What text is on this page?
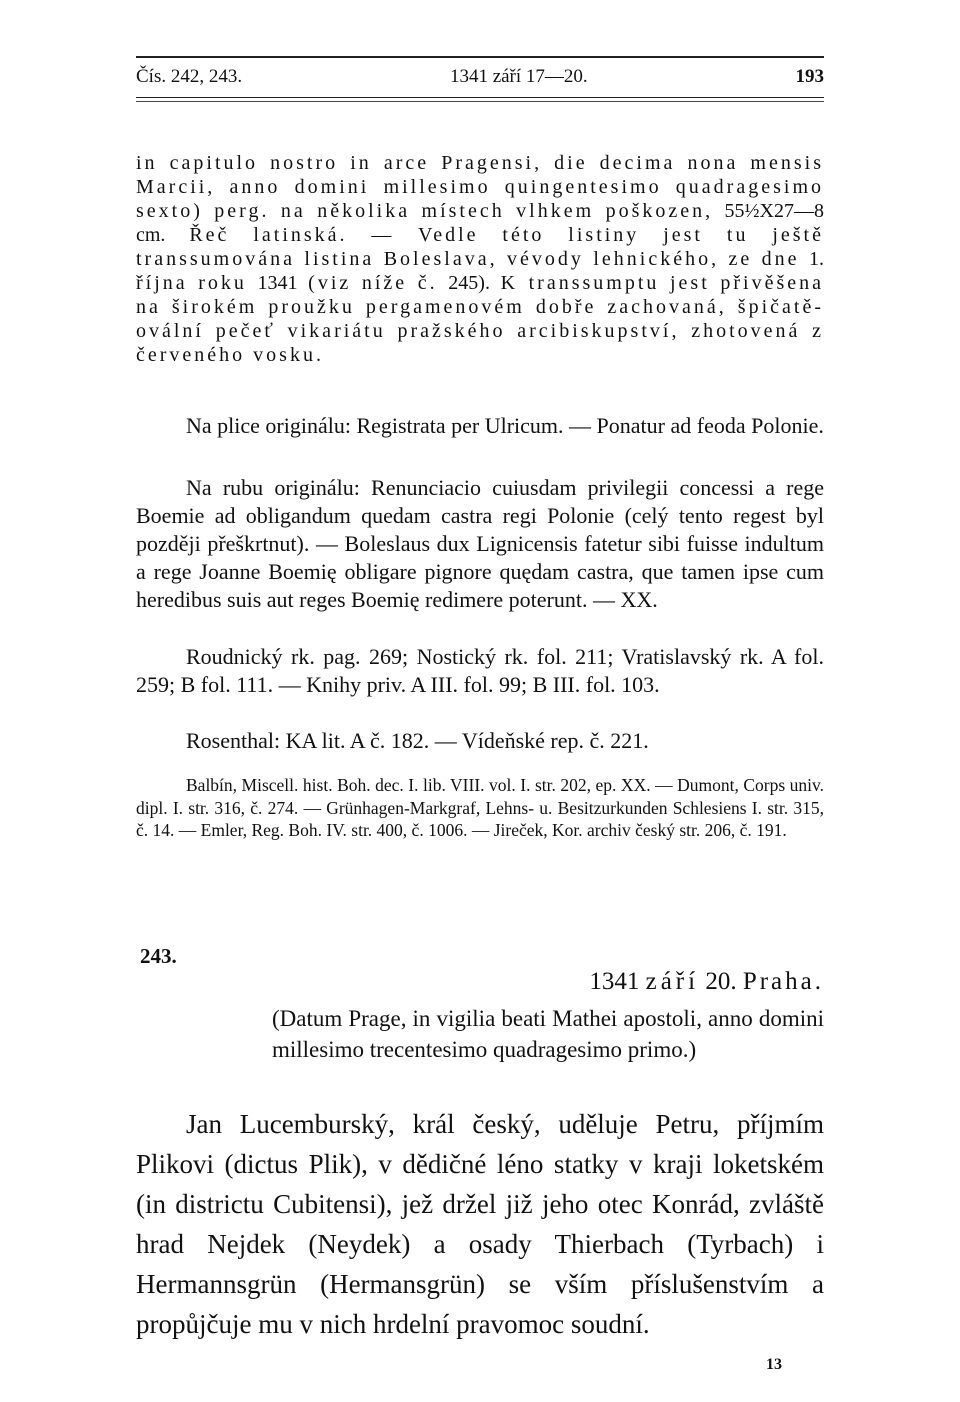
Čís. 242, 243.	1341 září 17—20.	193

in capitulo nostro in arce Pragensi, die decima nona mensis Marcii, anno domini millesimo quingentesimo quadragesimo sexto) perg. na několika místech vlhkem poškozen, 55½X27—8 cm. Řeč latinská. — Vedle této listiny jest tu ještě transsumována listina Boleslava, vévody lehnického, ze dne 1. října roku 1341 (viz níže č. 245). K transsumptu jest přivěšena na širokém proužku pergamenovém dobře zachovaná, špičatě-ovální pečeť vikariátu pražského arcibiskupství, zhotovená z červeného vosku.

Na plice originálu: Registrata per Ulricum. — Ponatur ad feoda Polonie.

Na rubu originálu: Renunciacio cuiusdam privilegii concessi a rege Boemie ad obligandum quedam castra regi Polonie (celý tento regest byl později přeškrtnut). — Boleslaus dux Lignicensis fatetur sibi fuisse indultum a rege Joanne Boemię obligare pignore quędam castra, que tamen ipse cum heredibus suis aut reges Boemię redimere poterunt. — XX.

Roudnický rk. pag. 269; Nostický rk. fol. 211; Vratislavský rk. A fol. 259; B fol. 111. — Knihy priv. A III. fol. 99; B III. fol. 103.

Rosenthal: KA lit. A č. 182. — Vídeňské rep. č. 221.

Balbín, Miscell. hist. Boh. dec. I. lib. VIII. vol. I. str. 202, ep. XX. — Dumont, Corps univ. dipl. I. str. 316, č. 274. — Grünhagen-Markgraf, Lehns- u. Besitzurkunden Schlesiens I. str. 315, č. 14. — Emler, Reg. Boh. IV. str. 400, č. 1006. — Jireček, Kor. archiv český str. 206, č. 191.

243.
1341 září 20. Praha.
(Datum Prage, in vigilia beati Mathei apostoli, anno domini millesimo trecentesimo quadragesimo primo.)

Jan Lucemburský, král český, uděluje Petru, příjmím Plikovi (dictus Plik), v dědičné léno statky v kraji loketském (in districtu Cubitensi), jež držel již jeho otec Konrád, zvláště hrad Nejdek (Neydek) a osady Thierbach (Tyrbach) i Hermannsgrün (Hermansgrün) se vším příslušenstvím a propůjčuje mu v nich hrdelní pravomoc soudní.

13
